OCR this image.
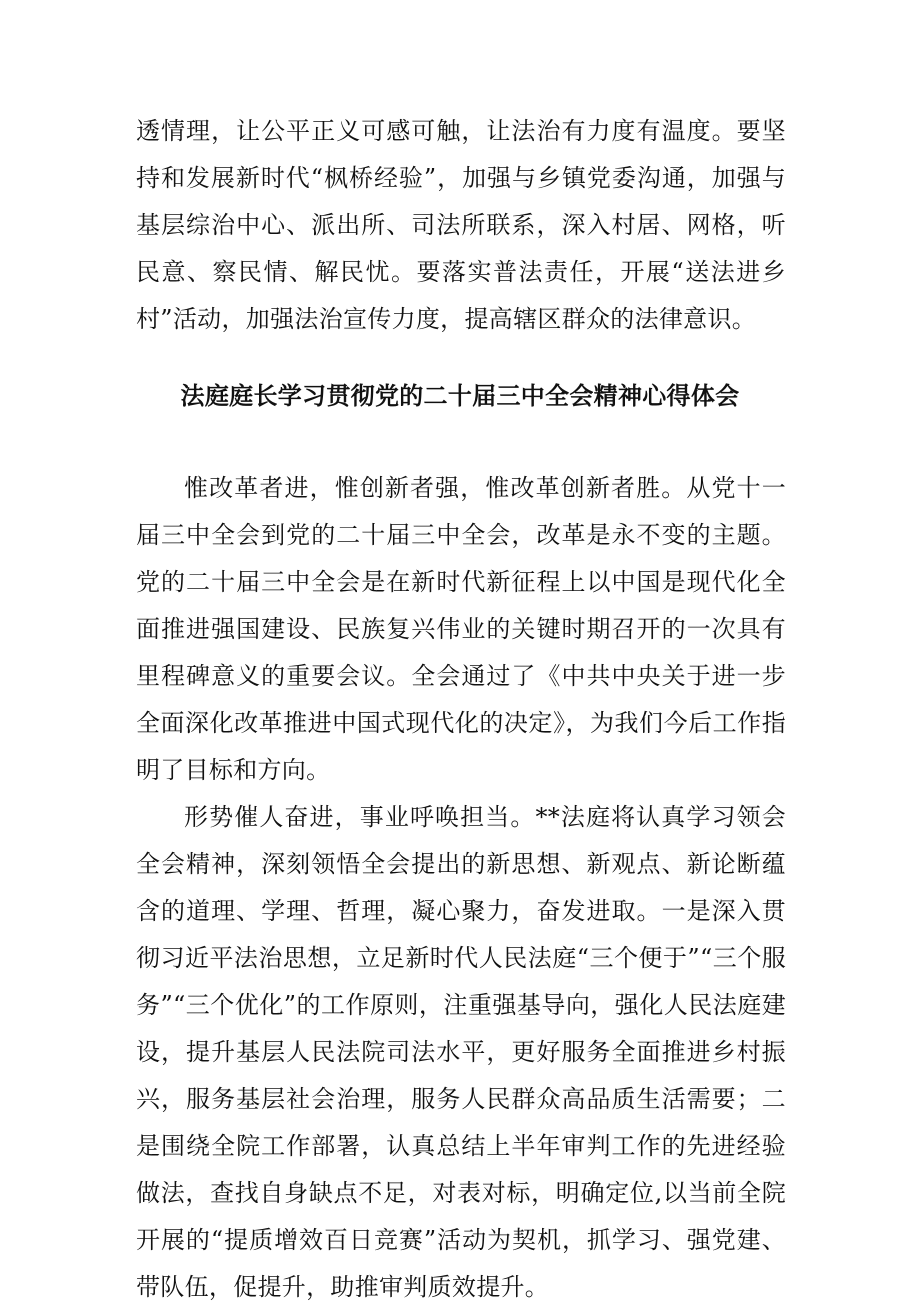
透情理，让公平正义可感可触，让法治有力度有温度。要坚持和发展新时代“枫桥经验”，加强与乡镇党委沟通，加强与基层综治中心、派出所、司法所联系，深入村居、网格，听民意、察民情、解民忧。要落实普法责任，开展“送法进乡村”活动，加强法治宣传力度，提高辖区群众的法律意识。
法庭庭长学习贯彻党的二十届三中全会精神心得体会

惟改革者进，惟创新者强，惟改革创新者胜。从党十一届三中全会到党的二十届三中全会，改革是永不变的主题。党的二十届三中全会是在新时代新征程上以中国是现代化全面推进强国建设、民族复兴伟业的关键时期召开的一次具有里程碑意义的重要会议。全会通过了《中共中央关于进一步全面深化改革推进中国式现代化的决定》，为我们今后工作指明了目标和方向。

形势催人奋进，事业呼唤担当。**法庭将认真学习领会全会精神，深刻领悟全会提出的新思想、新观点、新论断蕴含的道理、学理、哲理，凝心聚力，奋发进取。一是深入贯彻习近平法治思想，立足新时代人民法庭“三个便于”“三个服务”“三个优化”的工作原则，注重强基导向，强化人民法庭建设，提升基层人民法院司法水平，更好服务全面推进乡村振兴，服务基层社会治理，服务人民群众高品质生活需要；二是围绕全院工作部署，认真总结上半年审判工作的先进经验做法，查找自身缺点不足，对表对标，明确定位,以当前全院开展的“提质增效百日竞赛”活动为契机，抓学习、强党建、带队伍，促提升，助推审判质效提升。
